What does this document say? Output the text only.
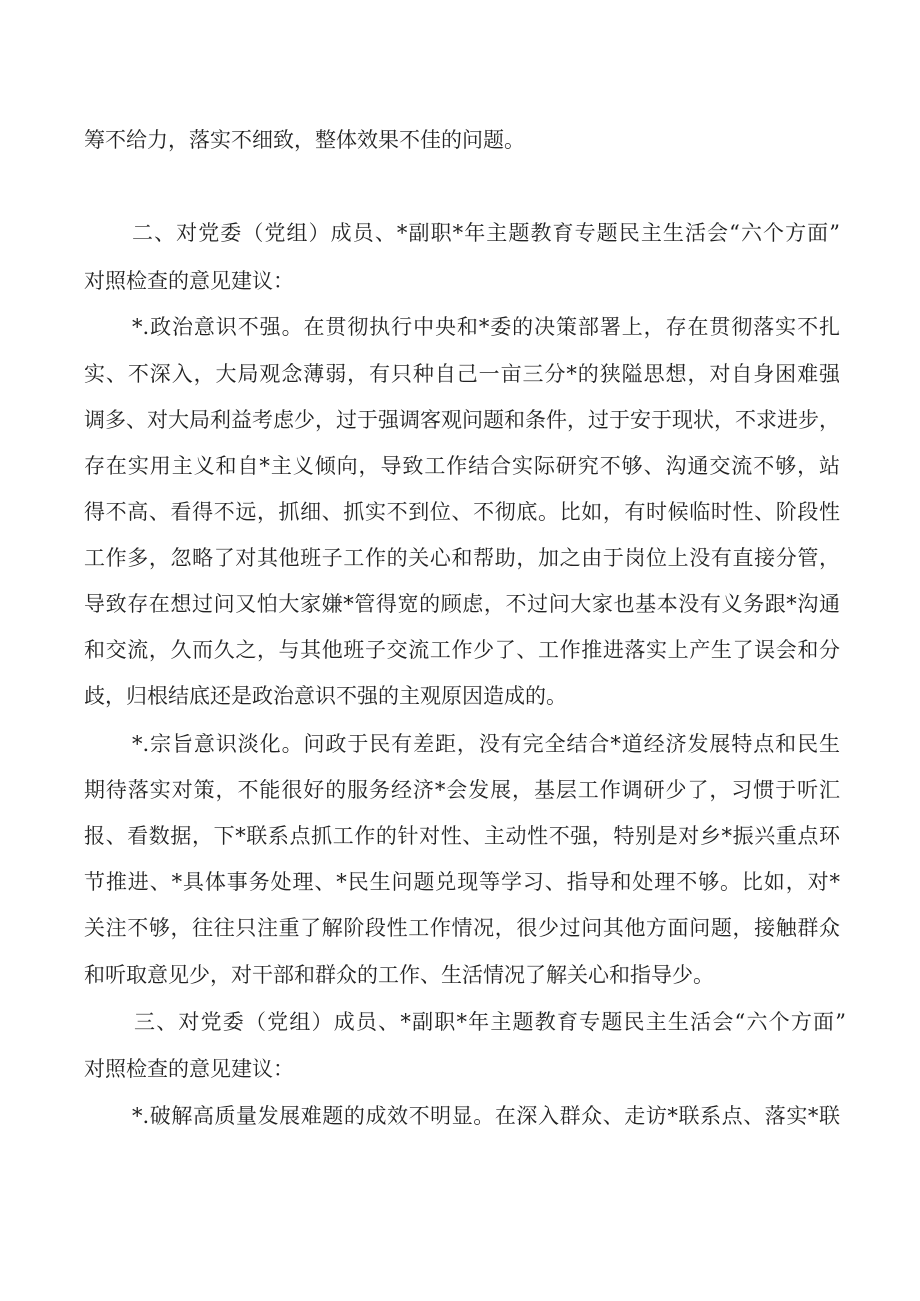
筹不给力，落实不细致，整体效果不佳的问题。
二、对党委（党组）成员、*副职*年主题教育专题民主生活会“六个方面”
对照检查的意见建议：
*.政治意识不强。在贯彻执行中央和*委的决策部署上，存在贯彻落实不扎
实、不深入，大局观念薄弱，有只种自己一亩三分*的狭隘思想，对自身困难强
调多、对大局利益考虑少，过于强调客观问题和条件，过于安于现状，不求进步，
存在实用主义和自*主义倾向，导致工作结合实际研究不够、沟通交流不够，站
得不高、看得不远，抓细、抓实不到位、不彻底。比如，有时候临时性、阶段性
工作多，忽略了对其他班子工作的关心和帮助，加之由于岗位上没有直接分管，
导致存在想过问又怕大家嫌*管得宽的顾虑，不过问大家也基本没有义务跟*沟通
和交流，久而久之，与其他班子交流工作少了、工作推进落实上产生了误会和分
歧，归根结底还是政治意识不强的主观原因造成的。
*.宗旨意识淡化。问政于民有差距，没有完全结合*道经济发展特点和民生
期待落实对策，不能很好的服务经济*会发展，基层工作调研少了，习惯于听汇
报、看数据，下*联系点抓工作的针对性、主动性不强，特别是对乡*振兴重点环
节推进、*具体事务处理、*民生问题兑现等学习、指导和处理不够。比如，对*
关注不够，往往只注重了解阶段性工作情况，很少过问其他方面问题，接触群众
和听取意见少，对干部和群众的工作、生活情况了解关心和指导少。
三、对党委（党组）成员、*副职*年主题教育专题民主生活会“六个方面”
对照检查的意见建议：
*.破解高质量发展难题的成效不明显。在深入群众、走访*联系点、落实*联
